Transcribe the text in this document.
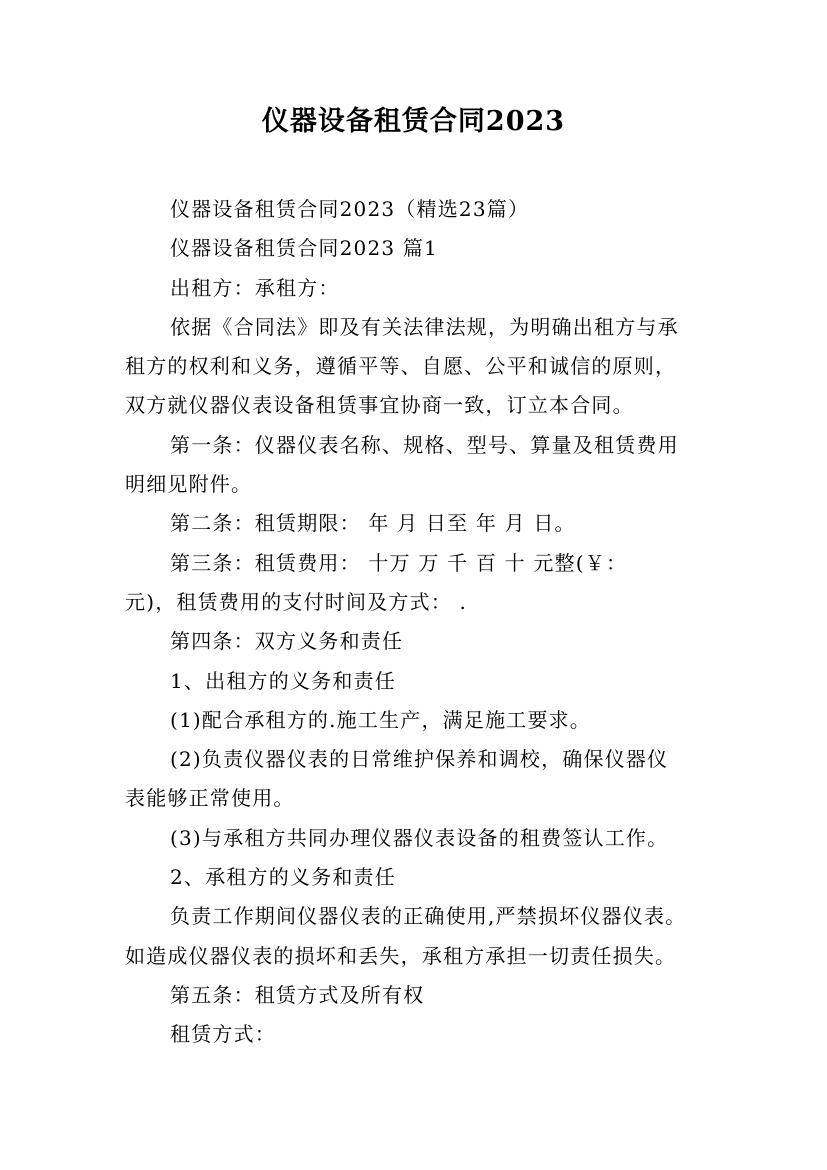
仪器设备租赁合同2023

仪器设备租赁合同2023（精选23篇）

仪器设备租赁合同2023 篇1

出租方：承租方：

依据《合同法》即及有关法律法规，为明确出租方与承
租方的权利和义务，遵循平等、自愿、公平和诚信的原则，
双方就仪器仪表设备租赁事宜协商一致，订立本合同。

第一条：仪器仪表名称、规格、型号、算量及租赁费用
明细见附件。

第二条：租赁期限： 年 月 日至 年 月 日。

第三条：租赁费用： 十万 万 千 百 十 元整(￥：
元)，租赁费用的支付时间及方式： .

第四条：双方义务和责任

1、出租方的义务和责任

(1)配合承租方的.施工生产，满足施工要求。

(2)负责仪器仪表的日常维护保养和调校，确保仪器仪
表能够正常使用。

(3)与承租方共同办理仪器仪表设备的租费签认工作。

2、承租方的义务和责任

负责工作期间仪器仪表的正确使用,严禁损坏仪器仪表。
如造成仪器仪表的损坏和丢失，承租方承担一切责任损失。

第五条：租赁方式及所有权

租赁方式：
